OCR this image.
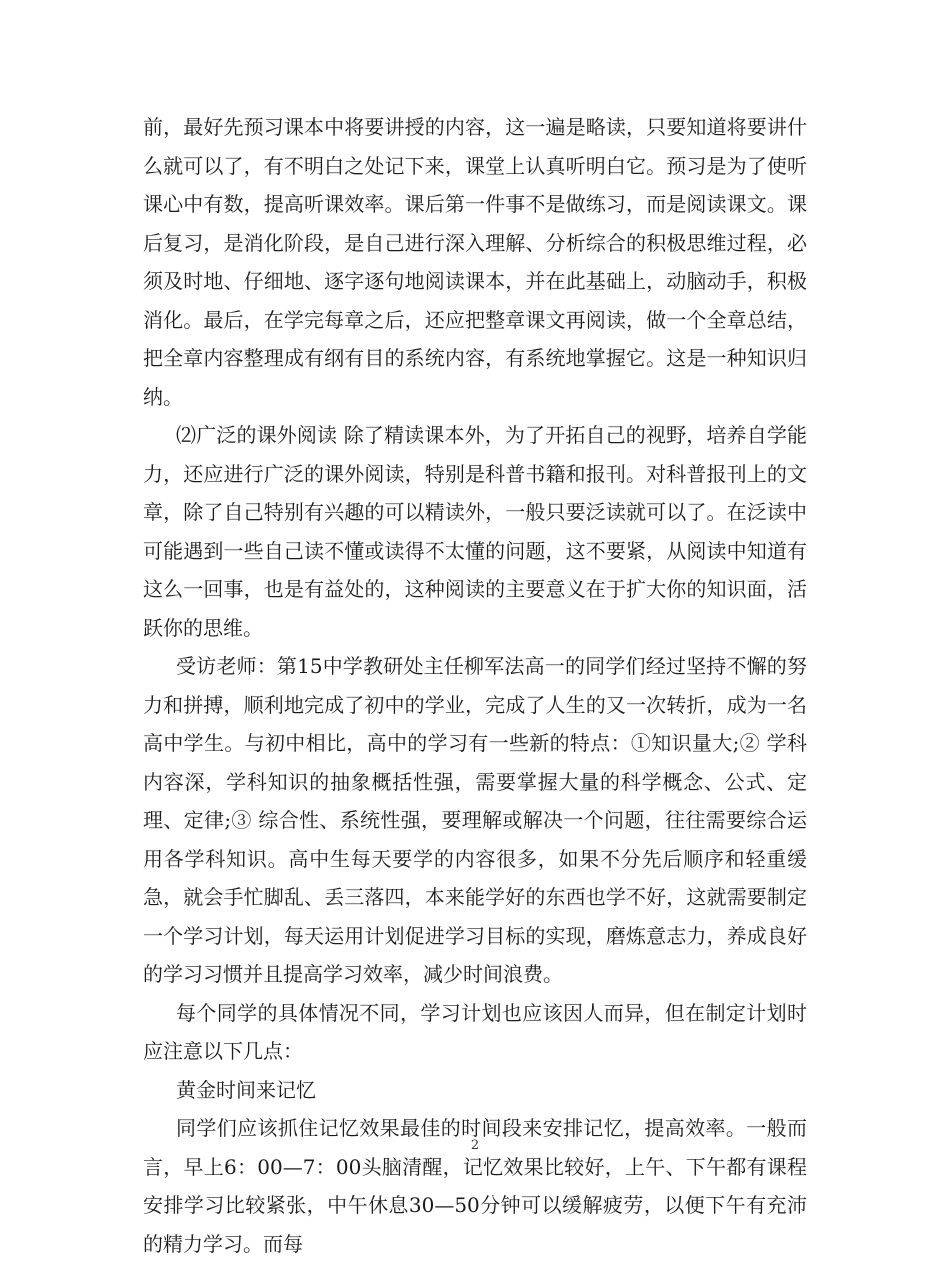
前，最好先预习课本中将要讲授的内容，这一遍是略读，只要知道将要讲什么就可以了，有不明白之处记下来，课堂上认真听明白它。预习是为了使听课心中有数，提高听课效率。课后第一件事不是做练习，而是阅读课文。课后复习，是消化阶段，是自己进行深入理解、分析综合的积极思维过程，必须及时地、仔细地、逐字逐句地阅读课本，并在此基础上，动脑动手，积极消化。最后，在学完每章之后，还应把整章课文再阅读，做一个全章总结，把全章内容整理成有纲有目的系统内容，有系统地掌握它。这是一种知识归纳。

⑵广泛的课外阅读 除了精读课本外，为了开拓自己的视野，培养自学能力，还应进行广泛的课外阅读，特别是科普书籍和报刊。对科普报刊上的文章，除了自己特别有兴趣的可以精读外，一般只要泛读就可以了。在泛读中可能遇到一些自己读不懂或读得不太懂的问题，这不要紧，从阅读中知道有这么一回事，也是有益处的，这种阅读的主要意义在于扩大你的知识面，活跃你的思维。

受访老师：第15中学教研处主任柳军法高一的同学们经过坚持不懈的努力和拼搏，顺利地完成了初中的学业，完成了人生的又一次转折，成为一名高中学生。与初中相比，高中的学习有一些新的特点：①知识量大;② 学科内容深，学科知识的抽象概括性强，需要掌握大量的科学概念、公式、定理、定律;③ 综合性、系统性强，要理解或解决一个问题，往往需要综合运用各学科知识。高中生每天要学的内容很多，如果不分先后顺序和轻重缓急，就会手忙脚乱、丢三落四，本来能学好的东西也学不好，这就需要制定一个学习计划，每天运用计划促进学习目标的实现，磨炼意志力，养成良好的学习习惯并且提高学习效率，减少时间浪费。

每个同学的具体情况不同，学习计划也应该因人而异，但在制定计划时应注意以下几点：

黄金时间来记忆

同学们应该抓住记忆效果最佳的时间段来安排记忆，提高效率。一般而言，早上6：00—7：00头脑清醒，记忆效果比较好，上午、下午都有课程安排学习比较紧张，中午休息30—50分钟可以缓解疲劳，以便下午有充沛的精力学习。而每

2
